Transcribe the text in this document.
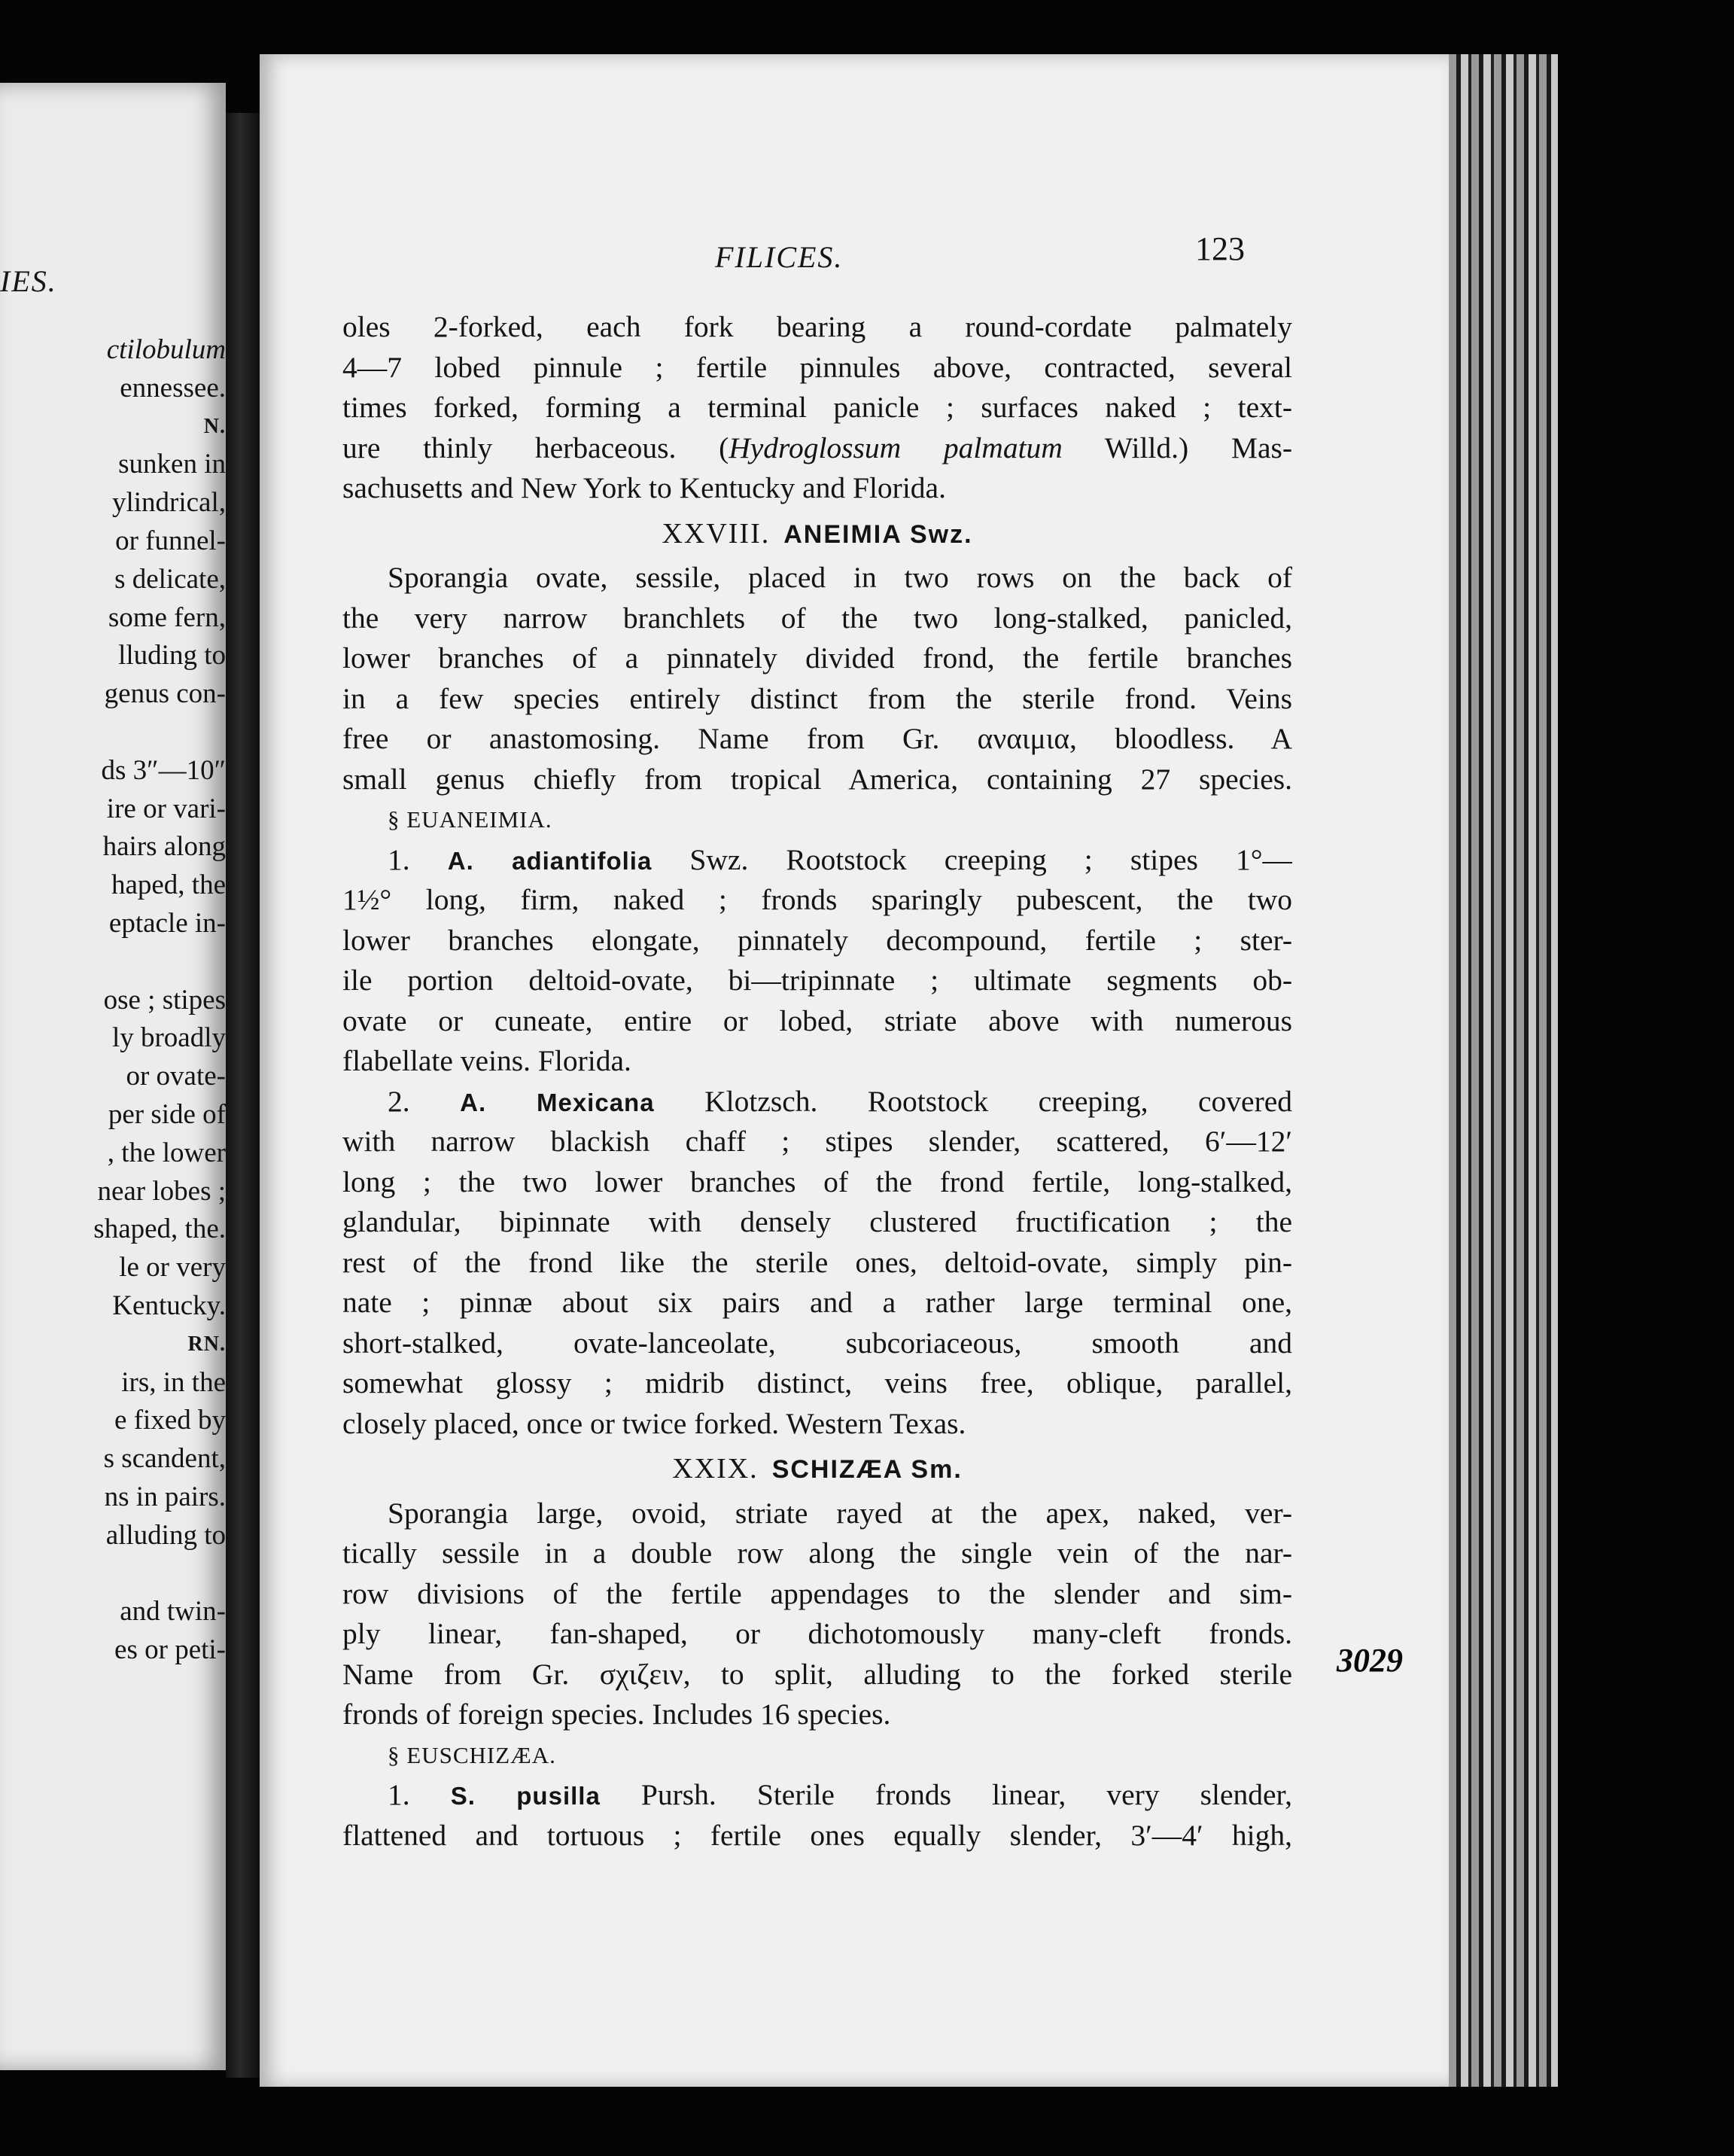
IES.
ctilobulum
ennessee.
N.
sunken in
ylindrical,
or funnel-
s delicate,
some fern,
lluding to
genus con-
ds 3″—10″
ire or vari-
hairs along
haped, the
eptacle in-
ose ; stipes
ly broadly
or ovate-
per side of
, the lower
near lobes ;
shaped, the.
le or very
Kentucky.
RN.
irs, in the
e fixed by
s scandent,
ns in pairs.
alluding to
and twin-
es or peti-
FILICES.	123
oles 2-forked, each fork bearing a round-cordate palmately
4—7 lobed pinnule ; fertile pinnules above, contracted, several
times forked, forming a terminal panicle ; surfaces naked ; text-
ure thinly herbaceous. (Hydroglossum palmatum Willd.) Mas-
sachusetts and New York to Kentucky and Florida.
XXVIII. ANEIMIA Swz.
Sporangia ovate, sessile, placed in two rows on the back of
the very narrow branchlets of the two long-stalked, panicled,
lower branches of a pinnately divided frond, the fertile branches
in a few species entirely distinct from the sterile frond. Veins
free or anastomosing. Name from Gr. αναιμια, bloodless. A
small genus chiefly from tropical America, containing 27 species.
§ EUANEIMIA.
1. A. adiantifolia Swz. Rootstock creeping ; stipes 1°—
1½° long, firm, naked ; fronds sparingly pubescent, the two
lower branches elongate, pinnately decompound, fertile ; ster-
ile portion deltoid-ovate, bi—tripinnate ; ultimate segments ob-
ovate or cuneate, entire or lobed, striate above with numerous
flabellate veins. Florida.
2. A. Mexicana Klotzsch. Rootstock creeping, covered
with narrow blackish chaff ; stipes slender, scattered, 6′—12′
long ; the two lower branches of the frond fertile, long-stalked,
glandular, bipinnate with densely clustered fructification ; the
rest of the frond like the sterile ones, deltoid-ovate, simply pin-
nate ; pinnæ about six pairs and a rather large terminal one,
short-stalked, ovate-lanceolate, subcoriaceous, smooth and
somewhat glossy ; midrib distinct, veins free, oblique, parallel,
closely placed, once or twice forked. Western Texas.
XXIX. SCHIZÆA Sm.
Sporangia large, ovoid, striate rayed at the apex, naked, ver-
tically sessile in a double row along the single vein of the nar-
row divisions of the fertile appendages to the slender and sim-
ply linear, fan-shaped, or dichotomously many-cleft fronds.
Name from Gr. σχιζειν, to split, alluding to the forked sterile
fronds of foreign species. Includes 16 species.
§ EUSCHIZÆA.
1. S. pusilla Pursh. Sterile fronds linear, very slender,
flattened and tortuous ; fertile ones equally slender, 3′—4′ high,
3029
